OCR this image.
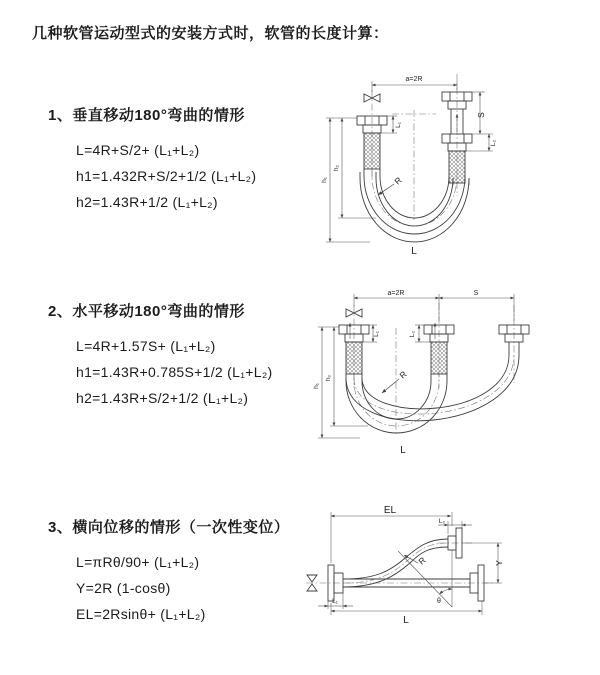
几种软管运动型式的安装方式时，软管的长度计算：
1、垂直移动180°弯曲的情形
L=4R+S/2+ (L₁+L₂)
h1=1.432R+S/2+1/2 (L₁+L₂)
h2=1.43R+1/2 (L₁+L₂)
2、水平移动180°弯曲的情形
L=4R+1.57S+ (L₁+L₂)
h1=1.43R+0.785S+1/2 (L₁+L₂)
h2=1.43R+S/2+1/2 (L₁+L₂)
3、横向位移的情形（一次性变位）
L=πRθ/90+ (L₁+L₂)
Y=2R (1-cosθ)
EL=2Rsinθ+ (L₁+L₂)
a=2R
S
L₂
h₂
h₁
L₁
R
L
a=2R	S
L₁	L₂
h₂
h₁
R
L
EL
L₂
L
L₁
Y
R
θ
